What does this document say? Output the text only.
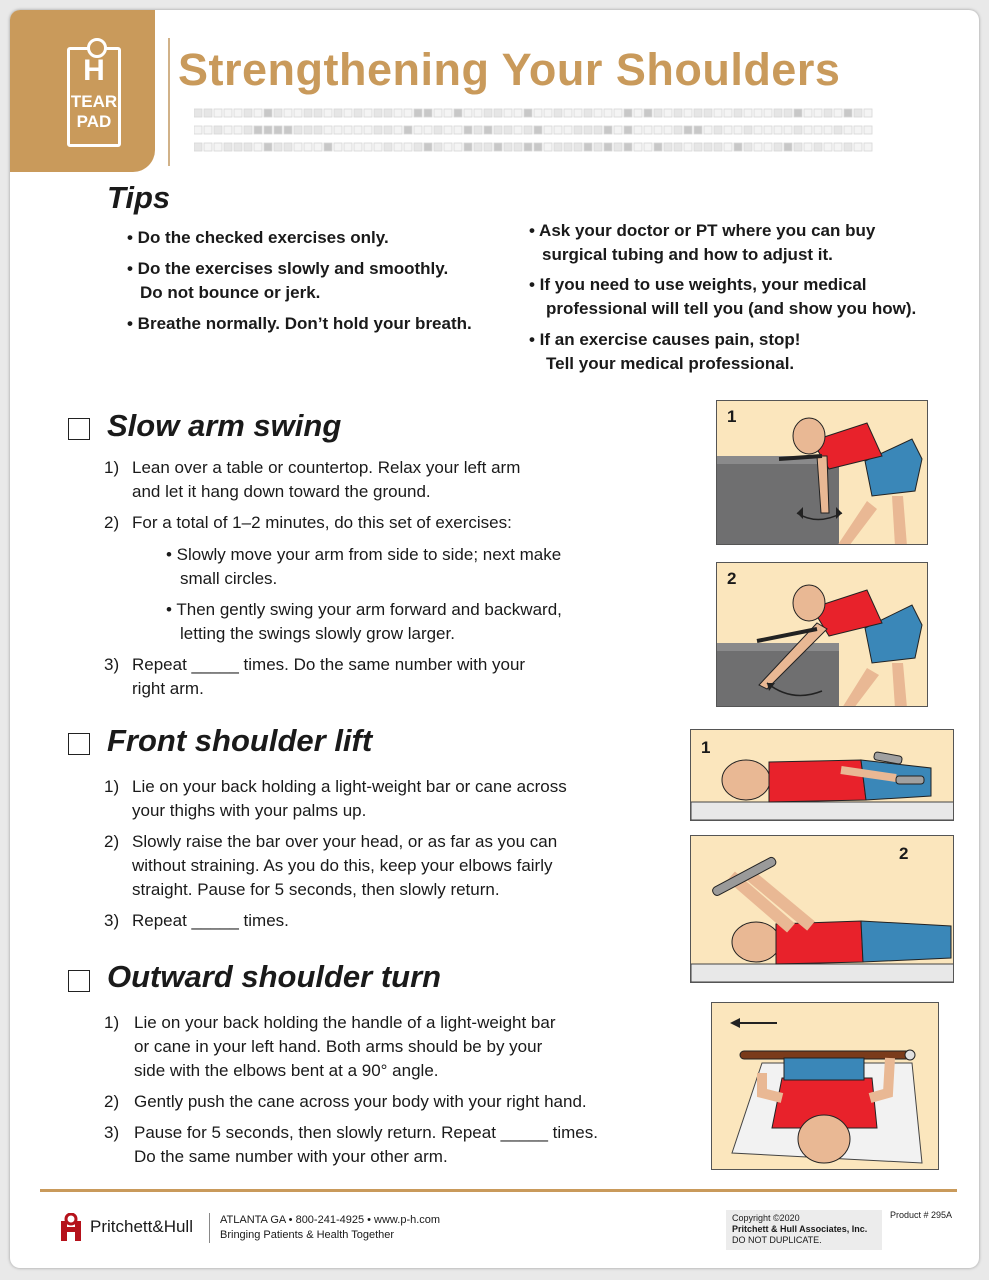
H
TEAR
PAD
Strengthening Your Shoulders
Tips
• Do the checked exercises only.
• Do the exercises slowly and smoothly.
Do not bounce or jerk.
• Breathe normally. Don’t hold your breath.
• Ask your doctor or PT where you can buy
surgical tubing and how to adjust it.
• If you need to use weights, your medical
professional will tell you (and show you how).
• If an exercise causes pain, stop!
Tell your medical professional.
Slow arm swing
1) Lean over a table or countertop. Relax your left arm
and let it hang down toward the ground.
2) For a total of 1–2 minutes, do this set of exercises:
• Slowly move your arm from side to side; next make
small circles.
• Then gently swing your arm forward and backward,
letting the swings slowly grow larger.
3) Repeat _____ times. Do the same number with your
right arm.
1
2
Front shoulder lift
1) Lie on your back holding a light-weight bar or cane across
your thighs with your palms up.
2) Slowly raise the bar over your head, or as far as you can
without straining. As you do this, keep your elbows fairly
straight. Pause for 5 seconds, then slowly return.
3) Repeat _____ times.
1
2
Outward shoulder turn
1) Lie on your back holding the handle of a light-weight bar
or cane in your left hand. Both arms should be by your
side with the elbows bent at a 90° angle.
2) Gently push the cane across your body with your right hand.
3) Pause for 5 seconds, then slowly return. Repeat _____ times.
Do the same number with your other arm.
Pritchett&Hull ATLANTA GA • 800-241-4925 • www.p-h.com
Bringing Patients & Health Together
Copyright ©2020
Pritchett & Hull Associates, Inc.
DO NOT DUPLICATE.
Product # 295A
